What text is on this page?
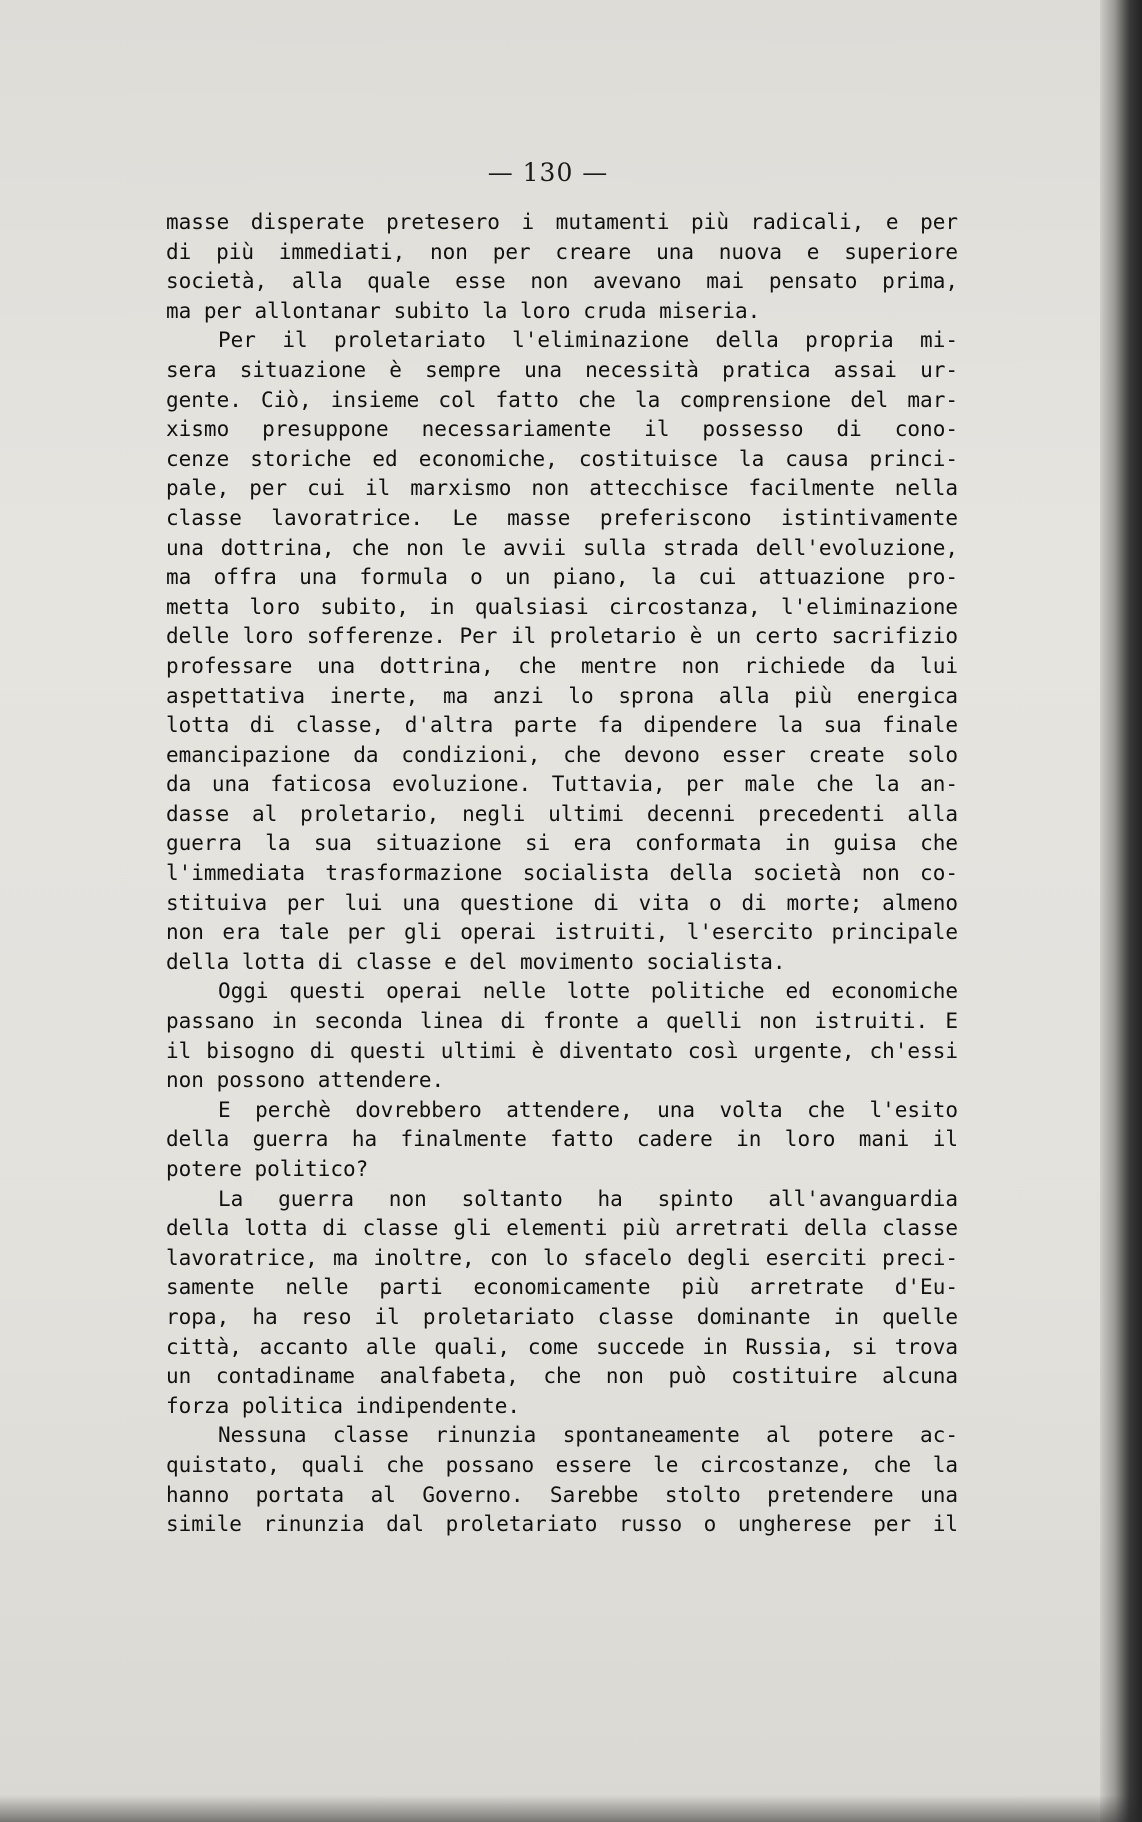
— 130 —
masse disperate pretesero i mutamenti più radicali, e per
di più immediati, non per creare una nuova e superiore
società, alla quale esse non avevano mai pensato prima,
ma per allontanar subito la loro cruda miseria.
Per il proletariato l'eliminazione della propria mi-
sera situazione è sempre una necessità pratica assai ur-
gente. Ciò, insieme col fatto che la comprensione del mar-
xismo presuppone necessariamente il possesso di cono-
cenze storiche ed economiche, costituisce la causa princi-
pale, per cui il marxismo non attecchisce facilmente nella
classe lavoratrice. Le masse preferiscono istintivamente
una dottrina, che non le avvii sulla strada dell'evoluzione,
ma offra una formula o un piano, la cui attuazione pro-
metta loro subito, in qualsiasi circostanza, l'eliminazione
delle loro sofferenze. Per il proletario è un certo sacrifizio
professare una dottrina, che mentre non richiede da lui
aspettativa inerte, ma anzi lo sprona alla più energica
lotta di classe, d'altra parte fa dipendere la sua finale
emancipazione da condizioni, che devono esser create solo
da una faticosa evoluzione. Tuttavia, per male che la an-
dasse al proletario, negli ultimi decenni precedenti alla
guerra la sua situazione si era conformata in guisa che
l'immediata trasformazione socialista della società non co-
stituiva per lui una questione di vita o di morte; almeno
non era tale per gli operai istruiti, l'esercito principale
della lotta di classe e del movimento socialista.
Oggi questi operai nelle lotte politiche ed economiche
passano in seconda linea di fronte a quelli non istruiti. E
il bisogno di questi ultimi è diventato così urgente, ch'essi
non possono attendere.
E perchè dovrebbero attendere, una volta che l'esito
della guerra ha finalmente fatto cadere in loro mani il
potere politico?
La guerra non soltanto ha spinto all'avanguardia
della lotta di classe gli elementi più arretrati della classe
lavoratrice, ma inoltre, con lo sfacelo degli eserciti preci-
samente nelle parti economicamente più arretrate d'Eu-
ropa, ha reso il proletariato classe dominante in quelle
città, accanto alle quali, come succede in Russia, si trova
un contadiname analfabeta, che non può costituire alcuna
forza politica indipendente.
Nessuna classe rinunzia spontaneamente al potere ac-
quistato, quali che possano essere le circostanze, che la
hanno portata al Governo. Sarebbe stolto pretendere una
simile rinunzia dal proletariato russo o ungherese per il
